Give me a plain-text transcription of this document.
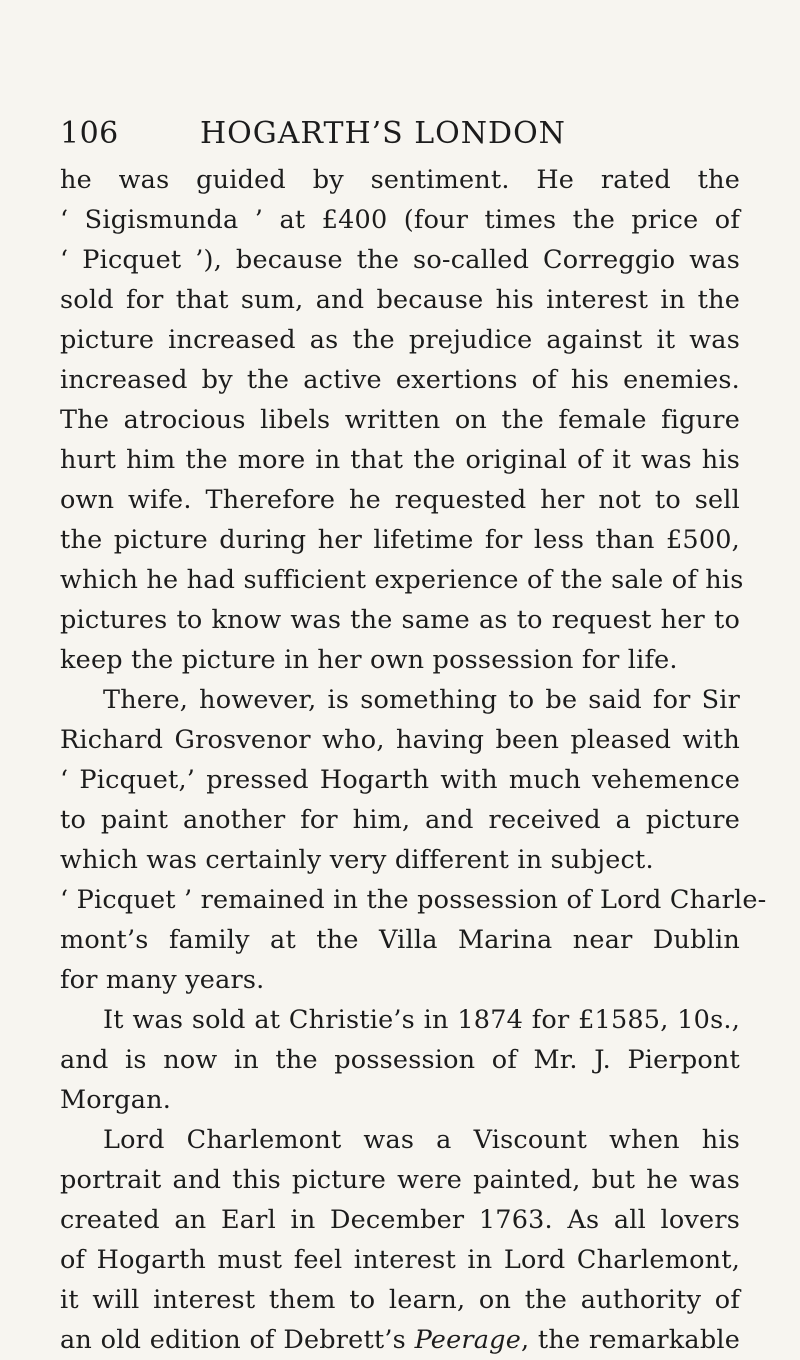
106	HOGARTH’S LONDON
he was guided by sentiment. He rated the
‘ Sigismunda ’ at £400 (four times the price of
‘ Picquet ’), because the so-called Correggio was
sold for that sum, and because his interest in the
picture increased as the prejudice against it was
increased by the active exertions of his enemies.
The atrocious libels written on the female figure
hurt him the more in that the original of it was his
own wife. Therefore he requested her not to sell
the picture during her lifetime for less than £500,
which he had sufficient experience of the sale of his
pictures to know was the same as to request her to
keep the picture in her own possession for life.
There, however, is something to be said for Sir
Richard Grosvenor who, having been pleased with
‘ Picquet,’ pressed Hogarth with much vehemence
to paint another for him, and received a picture
which was certainly very different in subject.
‘ Picquet ’ remained in the possession of Lord Charle-
mont’s family at the Villa Marina near Dublin
for many years.
It was sold at Christie’s in 1874 for £1585, 10s.,
and is now in the possession of Mr. J. Pierpont
Morgan.
Lord Charlemont was a Viscount when his
portrait and this picture were painted, but he was
created an Earl in December 1763. As all lovers
of Hogarth must feel interest in Lord Charlemont,
it will interest them to learn, on the authority of
an old edition of Debrett’s Peerage, the remarkable
